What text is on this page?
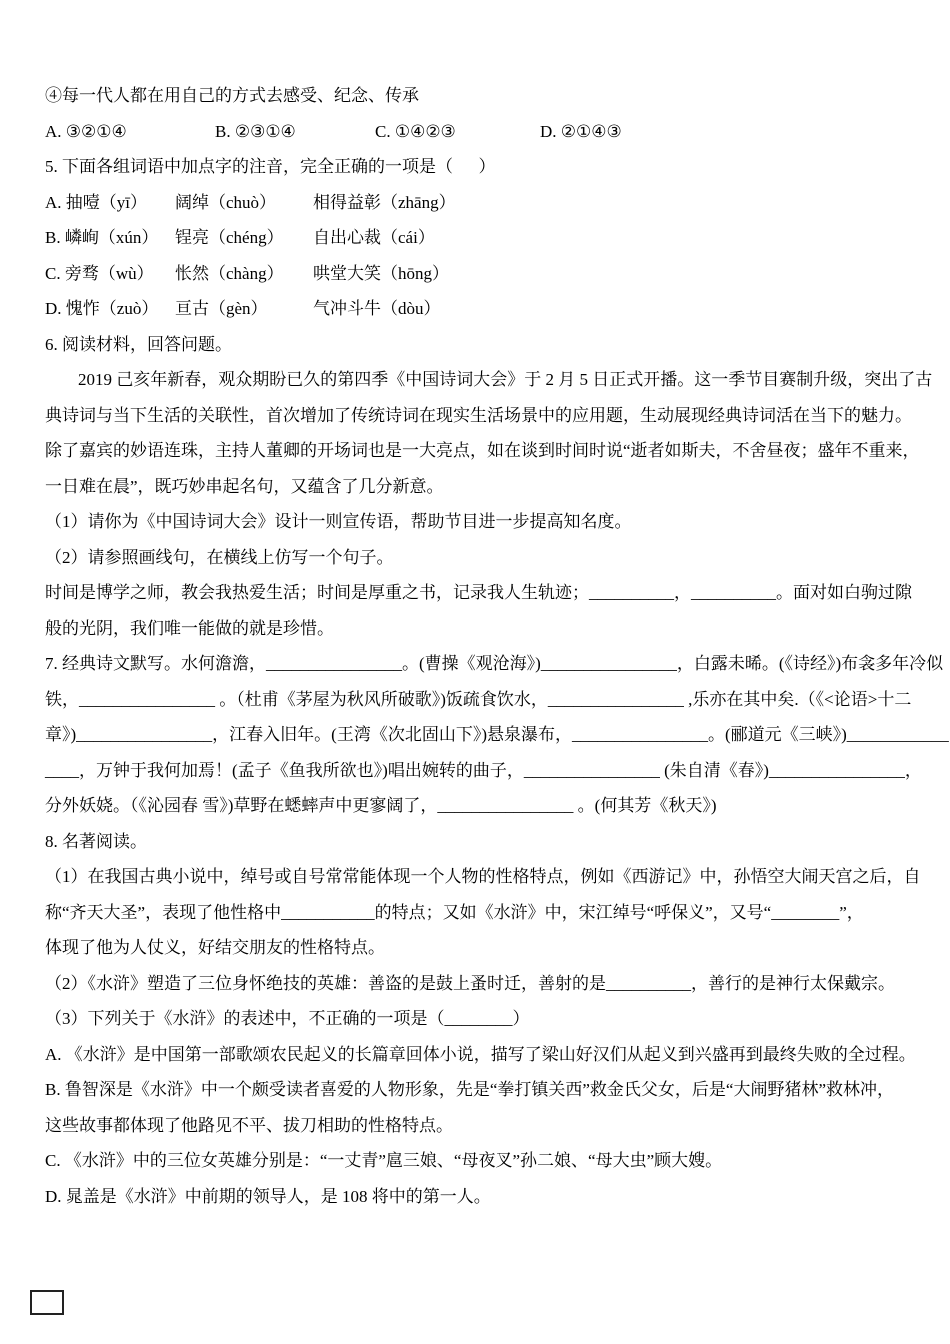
④每一代人都在用自己的方式去感受、纪念、传承

A. ③②①④	B. ②③①④	C. ①④②③	D. ②①④③

5. 下面各组词语中加点字的注音，完全正确的一项是（      ）

A. 抽噎（yī） 阔绰（chuò） 相得益彰（zhāng）

B. 嶙峋（xún） 锃亮（chéng） 自出心裁（cái）

C. 旁骛（wù） 怅然（chàng） 哄堂大笑（hōng）

D. 愧怍（zuò） 亘古（gèn）	气冲斗牛（dòu）

6. 阅读材料，回答问题。

2019 己亥年新春，观众期盼已久的第四季《中国诗词大会》于 2 月 5 日正式开播。这一季节目赛制升级，突出了古

典诗词与当下生活的关联性，首次增加了传统诗词在现实生活场景中的应用题，生动展现经典诗词活在当下的魅力。

除了嘉宾的妙语连珠，主持人董卿的开场词也是一大亮点，如在谈到时间时说“逝者如斯夫，不舍昼夜；盛年不重来，

一日难在晨”，既巧妙串起名句，又蕴含了几分新意。

（1）请你为《中国诗词大会》设计一则宣传语，帮助节目进一步提高知名度。

（2）请参照画线句，在横线上仿写一个句子。

时间是博学之师，教会我热爱生活；时间是厚重之书，记录我人生轨迹；__________，__________。面对如白驹过隙

般的光阴，我们唯一能做的就是珍惜。

7. 经典诗文默写。水何澹澹，________________。(曹操《观沧海》)________________，白露未晞。(《诗经》)布衾多年冷似

铁，________________ 。（杜甫《茅屋为秋风所破歌》)饭疏食饮水，________________ ,乐亦在其中矣.（《<论语>十二

章》)________________，江春入旧年。(王湾《次北固山下》)悬泉瀑布，________________。(郦道元《三峡》)____________

____，万钟于我何加焉！(孟子《鱼我所欲也》)唱出婉转的曲子，________________ (朱自清《春》)________________，

分外妖娆。（《沁园春 雪》)草野在蟋蟀声中更寥阔了，________________ 。(何其芳《秋天》)

8. 名著阅读。

（1）在我国古典小说中，绰号或自号常常能体现一个人物的性格特点，例如《西游记》中，孙悟空大闹天宫之后，自

称“齐天大圣”，表现了他性格中___________的特点；又如《水浒》中，宋江绰号“呼保义”，又号“________”，

体现了他为人仗义，好结交朋友的性格特点。

（2）《水浒》塑造了三位身怀绝技的英雄：善盗的是鼓上蚤时迁，善射的是__________，善行的是神行太保戴宗。

（3）下列关于《水浒》的表述中，不正确的一项是（________）

A. 《水浒》是中国第一部歌颂农民起义的长篇章回体小说，描写了梁山好汉们从起义到兴盛再到最终失败的全过程。

B. 鲁智深是《水浒》中一个颇受读者喜爱的人物形象，先是“拳打镇关西”救金氏父女，后是“大闹野猪林”救林冲，

这些故事都体现了他路见不平、拔刀相助的性格特点。

C. 《水浒》中的三位女英雄分别是：“一丈青”扈三娘、“母夜叉”孙二娘、“母大虫”顾大嫂。

D. 晁盖是《水浒》中前期的领导人，是 108 将中的第一人。
